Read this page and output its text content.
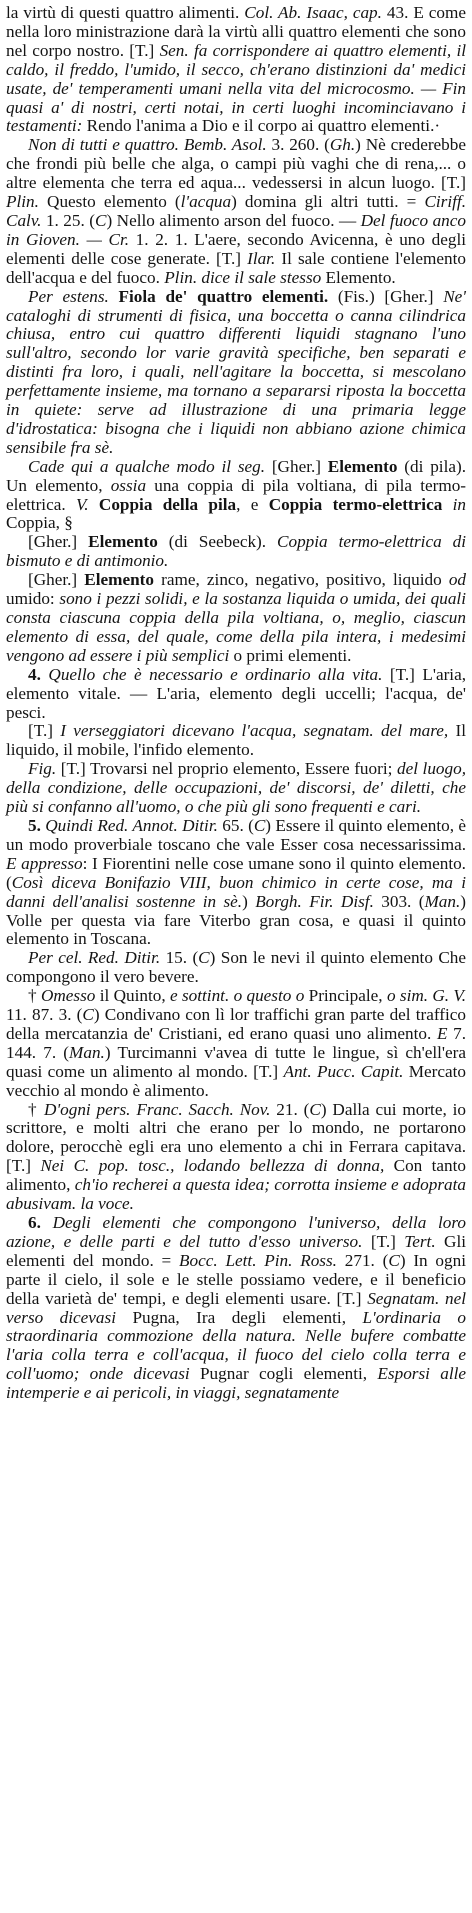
la virtù di questi quattro alimenti. Col. Ab. Isaac, cap. 43. E come nella loro ministrazione darà la virtù alli quattro elementi che sono nel corpo nostro. [T.] Sen. fa corrispondere ai quattro elementi, il caldo, il freddo, l'umido, il secco, ch'erano distinzioni da' medici usate, de' temperamenti umani nella vita del microcosmo. — Fin quasi a' di nostri, certi notai, in certi luoghi incominciavano i testamenti: Rendo l'anima a Dio e il corpo ai quattro elementi.·

Non di tutti e quattro. Bemb. Asol. 3. 260. (Gh.) Nè crederebbe che frondi più belle che alga, o campi più vaghi che di rena,... o altre elementa che terra ed aqua... vedessersi in alcun luogo. [T.] Plin. Questo elemento (l'acqua) domina gli altri tutti. = Ciriff. Calv. 1. 25. (C) Nello alimento arson del fuoco. — Del fuoco anco in Gioven. — Cr. 1. 2. 1. L'aere, secondo Avicenna, è uno degli elementi delle cose generate. [T.] Ilar. Il sale contiene l'elemento dell'acqua e del fuoco. Plin. dice il sale stesso Elemento.

Per estens. Fiola de' quattro elementi. (Fis.) [Gher.] Ne' cataloghi di strumenti di fisica, una boccetta o canna cilindrica chiusa, entro cui quattro differenti liquidi stagnano l'uno sull'altro, secondo lor varie gravità specifiche, ben separati e distinti fra loro, i quali, nell'agitare la boccetta, si mescolano perfettamente insieme, ma tornano a separarsi riposta la boccetta in quiete: serve ad illustrazione di una primaria legge d'idrostatica: bisogna che i liquidi non abbiano azione chimica sensibile fra sè.

Cade qui a qualche modo il seg. [Gher.] Elemento (di pila). Un elemento, ossia una coppia di pila voltiana, di pila termo-elettrica. V. Coppia della pila, e Coppia termo-elettrica in Coppia, §

[Gher.] Elemento (di Seebeck). Coppia termo-elettrica di bismuto e di antimonio.

[Gher.] Elemento rame, zinco, negativo, positivo, liquido od umido: sono i pezzi solidi, e la sostanza liquida o umida, dei quali consta ciascuna coppia della pila voltiana, o, meglio, ciascun elemento di essa, del quale, come della pila intera, i medesimi vengono ad essere i più semplici o primi elementi.

4. Quello che è necessario e ordinario alla vita. [T.] L'aria, elemento vitale. — L'aria, elemento degli uccelli; l'acqua, de' pesci.

[T.] I verseggiatori dicevano l'acqua, segnatam. del mare, Il liquido, il mobile, l'infido elemento.

Fig. [T.] Trovarsi nel proprio elemento, Essere fuori; del luogo, della condizione, delle occupazioni, de' discorsi, de' diletti, che più si confanno all'uomo, o che più gli sono frequenti e cari.

5. Quindi Red. Annot. Ditir. 65. (C) Essere il quinto elemento, è un modo proverbiale toscano che vale Esser cosa necessarissima. E appresso: I Fiorentini nelle cose umane sono il quinto elemento. (Così diceva Bonifazio VIII, buon chimico in certe cose, ma i danni dell'analisi sostenne in sè.) Borgh. Fir. Disf. 303. (Man.) Volle per questa via fare Viterbo gran cosa, e quasi il quinto elemento in Toscana.

Per cel. Red. Ditir. 15. (C) Son le nevi il quinto elemento Che compongono il vero bevere.

† Omesso il Quinto, e sottint. o questo o Principale, o sim. G. V. 11. 87. 3. (C) Condivano con lì lor traffichi gran parte del traffico della mercatanzia de' Cristiani, ed erano quasi uno alimento. E 7. 144. 7. (Man.) Turcimanni v'avea di tutte le lingue, sì ch'ell'era quasi come un alimento al mondo. [T.] Ant. Pucc. Capit. Mercato vecchio al mondo è alimento.

† D'ogni pers. Franc. Sacch. Nov. 21. (C) Dalla cui morte, io scrittore, e molti altri che erano per lo mondo, ne portarono dolore, perocchè egli era uno elemento a chi in Ferrara capitava. [T.] Nei C. pop. tosc., lodando bellezza di donna, Con tanto alimento, ch'io recherei a questa idea; corrotta insieme e adoprata abusivam. la voce.

6. Degli elementi che compongono l'universo, della loro azione, e delle parti e del tutto d'esso universo. [T.] Tert. Gli elementi del mondo. = Bocc. Lett. Pin. Ross. 271. (C) In ogni parte il cielo, il sole e le stelle possiamo vedere, e il beneficio della varietà de' tempi, e degli elementi usare. [T.] Segnatam. nel verso dicevasi Pugna, Ira degli elementi, L'ordinaria o straordinaria commozione della natura. Nelle bufere combatte l'aria colla terra e coll'acqua, il fuoco del cielo colla terra e coll'uomo; onde dicevasi Pugnar cogli elementi, Esporsi alle intemperie e ai pericoli, in viaggi, segnatamente
